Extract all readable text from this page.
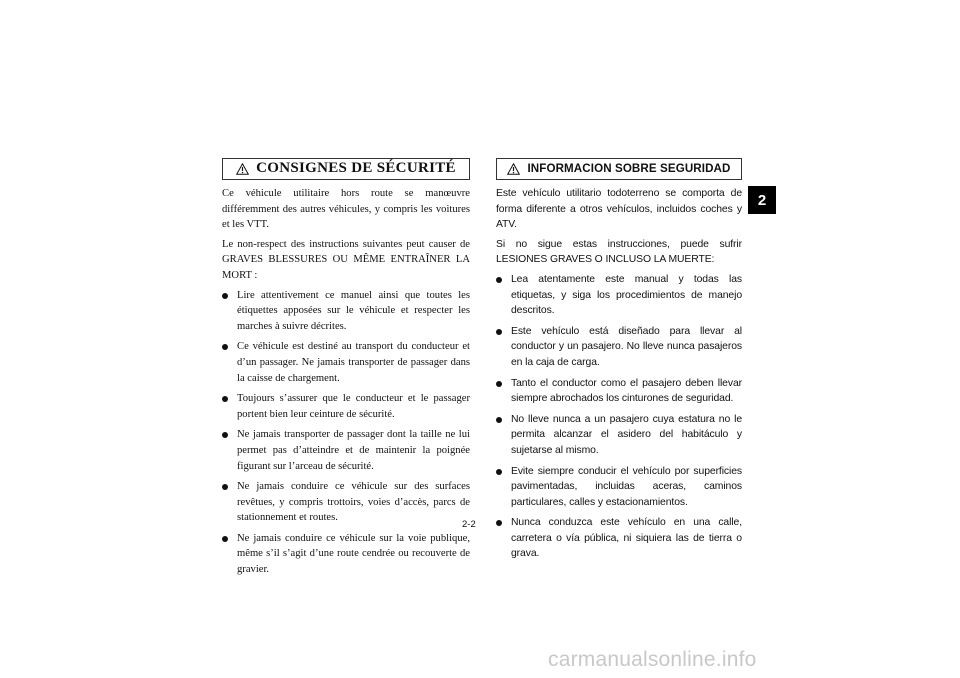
CONSIGNES DE SÉCURITÉ

Ce véhicule utilitaire hors route se manœuvre différemment des autres véhicules, y compris les voitures et les VTT.

Le non-respect des instructions suivantes peut causer de GRAVES BLESSURES OU MÊME ENTRAÎNER LA MORT :

Lire attentivement ce manuel ainsi que toutes les étiquettes apposées sur le véhicule et respecter les marches à suivre décrites.
Ce véhicule est destiné au transport du conducteur et d’un passager. Ne jamais transporter de passager dans la caisse de chargement.
Toujours s’assurer que le conducteur et le passager portent bien leur ceinture de sécurité.
Ne jamais transporter de passager dont la taille ne lui permet pas d’atteindre et de maintenir la poignée figurant sur l’arceau de sécurité.
Ne jamais conduire ce véhicule sur des surfaces revêtues, y compris trottoirs, voies d’accès, parcs de stationnement et routes.
Ne jamais conduire ce véhicule sur la voie publique, même s’il s’agit d’une route cendrée ou recouverte de gravier.
INFORMACION SOBRE SEGURIDAD

Este vehículo utilitario todoterreno se comporta de forma diferente a otros vehículos, incluidos coches y ATV.

Si no sigue estas instrucciones, puede sufrir LESIONES GRAVES O INCLUSO LA MUERTE:

Lea atentamente este manual y todas las etiquetas, y siga los procedimientos de manejo descritos.
Este vehículo está diseñado para llevar al conductor y un pasajero. No lleve nunca pasajeros en la caja de carga.
Tanto el conductor como el pasajero deben llevar siempre abrochados los cinturones de seguridad.
No lleve nunca a un pasajero cuya estatura no le permita alcanzar el asidero del habitáculo y sujetarse al mismo.
Evite siempre conducir el vehículo por superficies pavimentadas, incluidas aceras, caminos particulares, calles y estacionamientos.
Nunca conduzca este vehículo en una calle, carretera o vía pública, ni siquiera las de tierra o grava.
2
2-2
carmanualsonline.info
